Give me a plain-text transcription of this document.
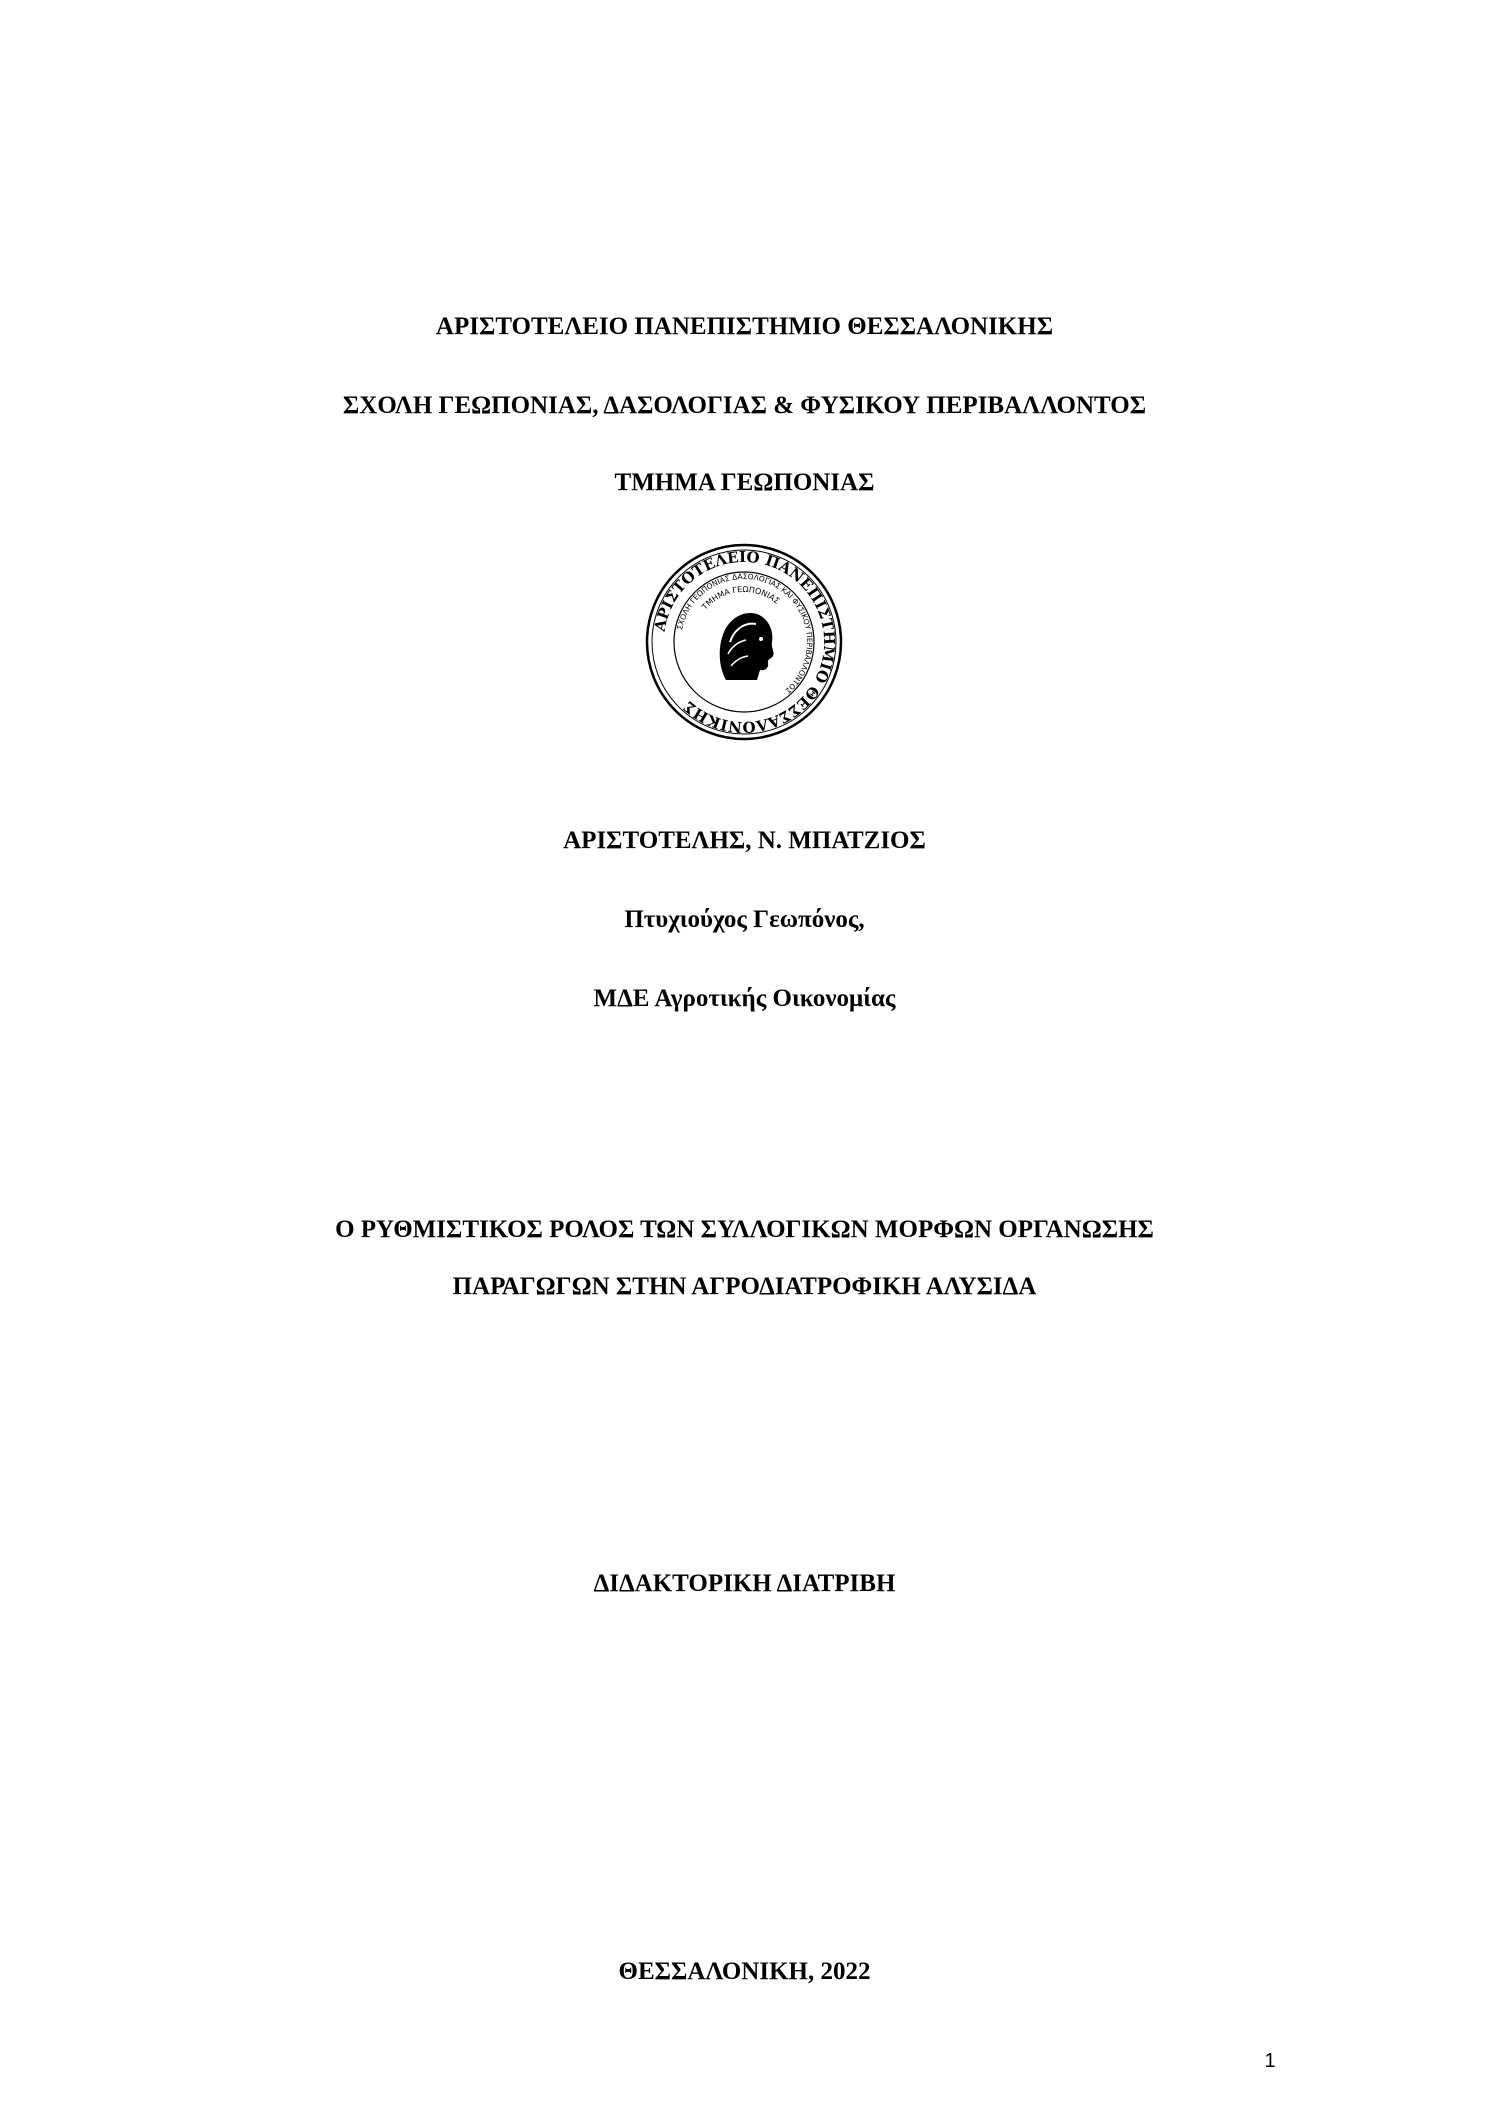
ΑΡΙΣΤΟΤΕΛΕΙΟ ΠΑΝΕΠΙΣΤΗΜΙΟ ΘΕΣΣΑΛΟΝΙΚΗΣ
ΣΧΟΛΗ ΓΕΩΠΟΝΙΑΣ, ΔΑΣΟΛΟΓΙΑΣ & ΦΥΣΙΚΟΥ ΠΕΡΙΒΑΛΛΟΝΤΟΣ
ΤΜΗΜΑ ΓΕΩΠΟΝΙΑΣ
ΑΡΙΣΤΟΤΕΛΕΙΟ ΠΑΝΕΠΙΣΤΗΜΙΟ ΘΕΣΣΑΛΟΝΙΚΗΣ
ΣΧΟΛΗ ΓΕΩΠΟΝΙΑΣ ΔΑΣΟΛΟΓΙΑΣ ΚΑΙ ΦΥΣΙΚΟΥ ΠΕΡΙΒΑΛΛΟΝΤΟΣ
ΤΜΗΜΑ ΓΕΩΠΟΝΙΑΣ
ΑΡΙΣΤΟΤΕΛΗΣ, Ν. ΜΠΑΤΖΙΟΣ
Πτυχιούχος Γεωπόνος,
ΜΔΕ Αγροτικής Οικονομίας
Ο ΡΥΘΜΙΣΤΙΚΟΣ ΡΟΛΟΣ ΤΩΝ ΣΥΛΛΟΓΙΚΩΝ ΜΟΡΦΩΝ ΟΡΓΑΝΩΣΗΣ
ΠΑΡΑΓΩΓΩΝ ΣΤΗΝ ΑΓΡΟΔΙΑΤΡΟΦΙΚΗ ΑΛΥΣΙΔΑ
ΔΙΔΑΚΤΟΡΙΚΗ ΔΙΑΤΡΙΒΗ
ΘΕΣΣΑΛΟΝΙΚΗ, 2022
1
